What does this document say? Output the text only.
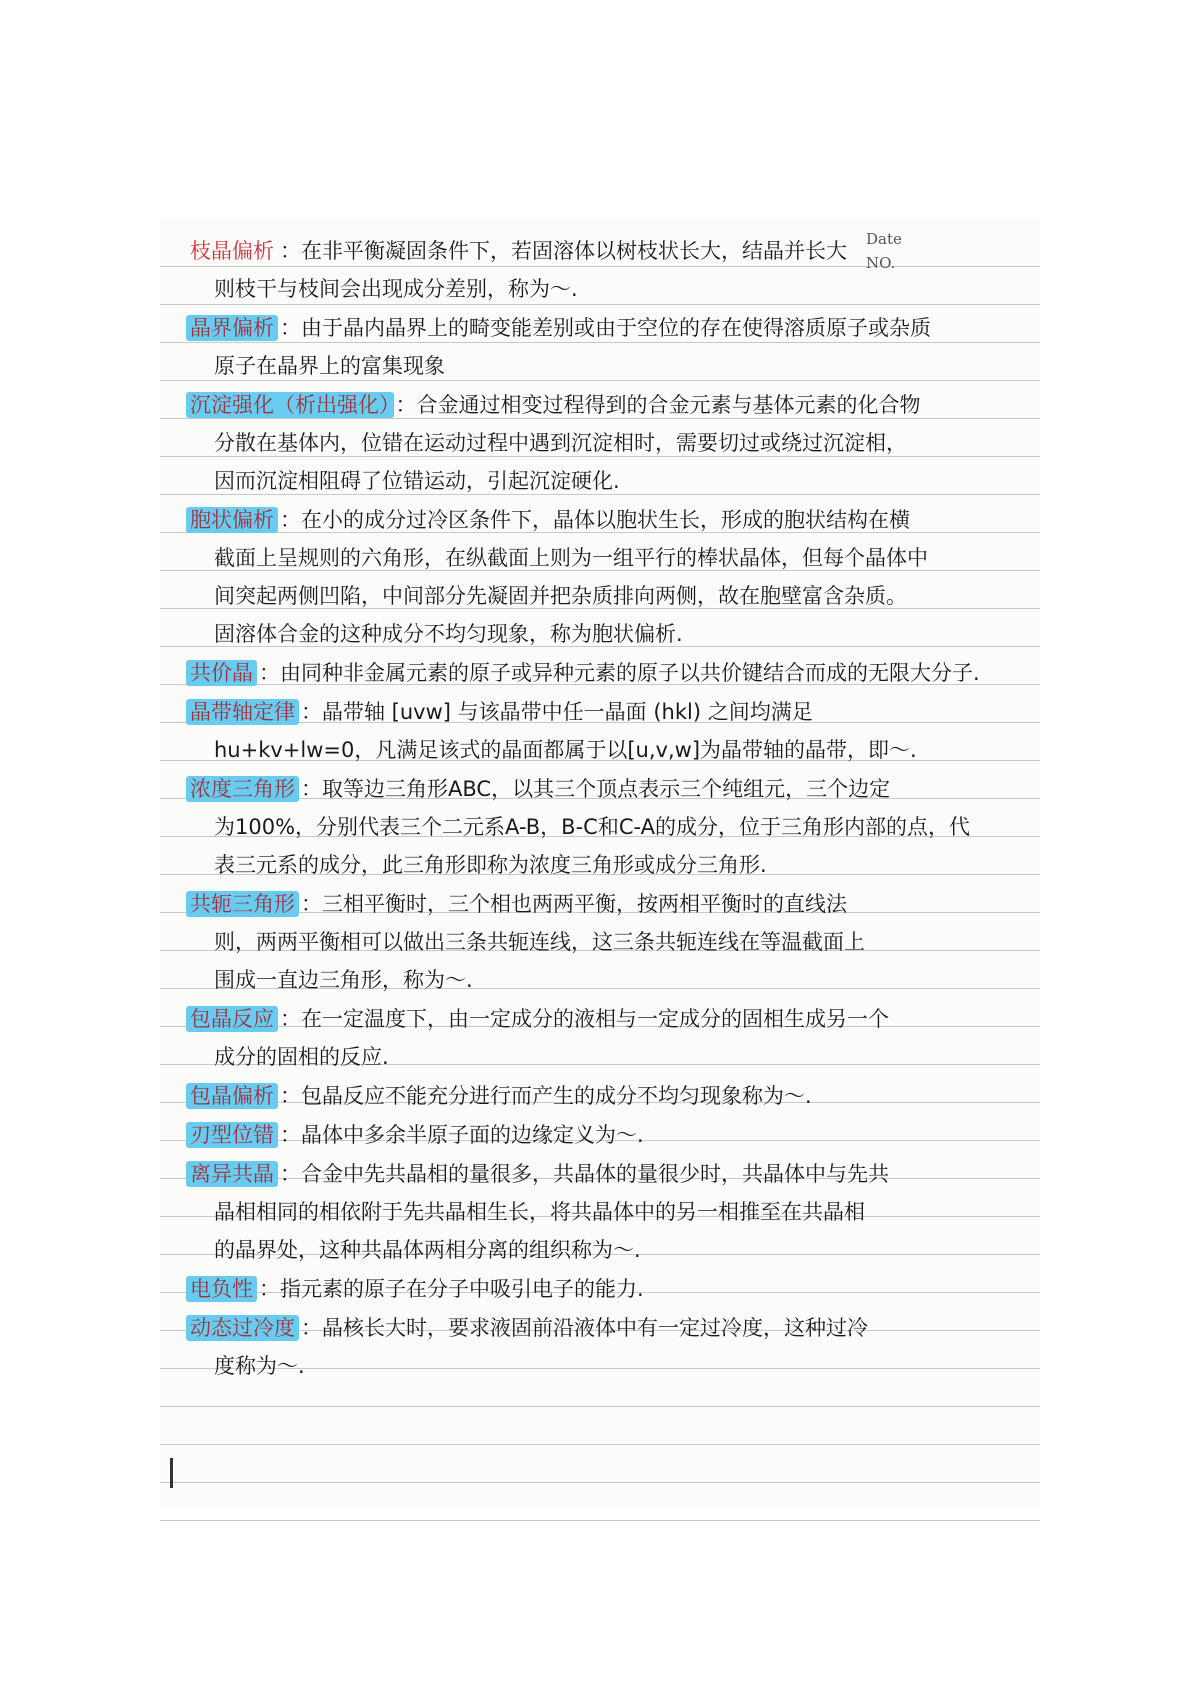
Date
NO.
枝晶偏析 ：在非平衡凝固条件下，若固溶体以树枝状长大，结晶并长大
则枝干与枝间会出现成分差别，称为～.
晶界偏析 ：由于晶内晶界上的畸变能差别或由于空位的存在使得溶质原子或杂质
原子在晶界上的富集现象
沉淀强化（析出强化） ：合金通过相变过程得到的合金元素与基体元素的化合物
分散在基体内，位错在运动过程中遇到沉淀相时，需要切过或绕过沉淀相，
因而沉淀相阻碍了位错运动，引起沉淀硬化.
胞状偏析 ：在小的成分过冷区条件下，晶体以胞状生长，形成的胞状结构在横
截面上呈规则的六角形，在纵截面上则为一组平行的棒状晶体，但每个晶体中
间突起两侧凹陷，中间部分先凝固并把杂质排向两侧，故在胞壁富含杂质。
固溶体合金的这种成分不均匀现象，称为胞状偏析.
共价晶 ：由同种非金属元素的原子或异种元素的原子以共价键结合而成的无限大分子.
晶带轴定律 ：晶带轴 [uvw] 与该晶带中任一晶面 (hkl) 之间均满足
hu+kv+lw=0，凡满足该式的晶面都属于以[u,v,w]为晶带轴的晶带，即～.
浓度三角形 ：取等边三角形ABC，以其三个顶点表示三个纯组元，三个边定
为100%，分别代表三个二元系A-B，B-C和C-A的成分，位于三角形内部的点，代
表三元系的成分，此三角形即称为浓度三角形或成分三角形.
共轭三角形 ：三相平衡时，三个相也两两平衡，按两相平衡时的直线法
则，两两平衡相可以做出三条共轭连线，这三条共轭连线在等温截面上
围成一直边三角形，称为～.
包晶反应 ：在一定温度下，由一定成分的液相与一定成分的固相生成另一个
成分的固相的反应.
包晶偏析 ：包晶反应不能充分进行而产生的成分不均匀现象称为～.
刃型位错 ：晶体中多余半原子面的边缘定义为～.
离异共晶 ：合金中先共晶相的量很多，共晶体的量很少时，共晶体中与先共
晶相相同的相依附于先共晶相生长，将共晶体中的另一相推至在共晶相
的晶界处，这种共晶体两相分离的组织称为～.
电负性 ：指元素的原子在分子中吸引电子的能力.
动态过冷度 ：晶核长大时，要求液固前沿液体中有一定过冷度，这种过冷
度称为～.
